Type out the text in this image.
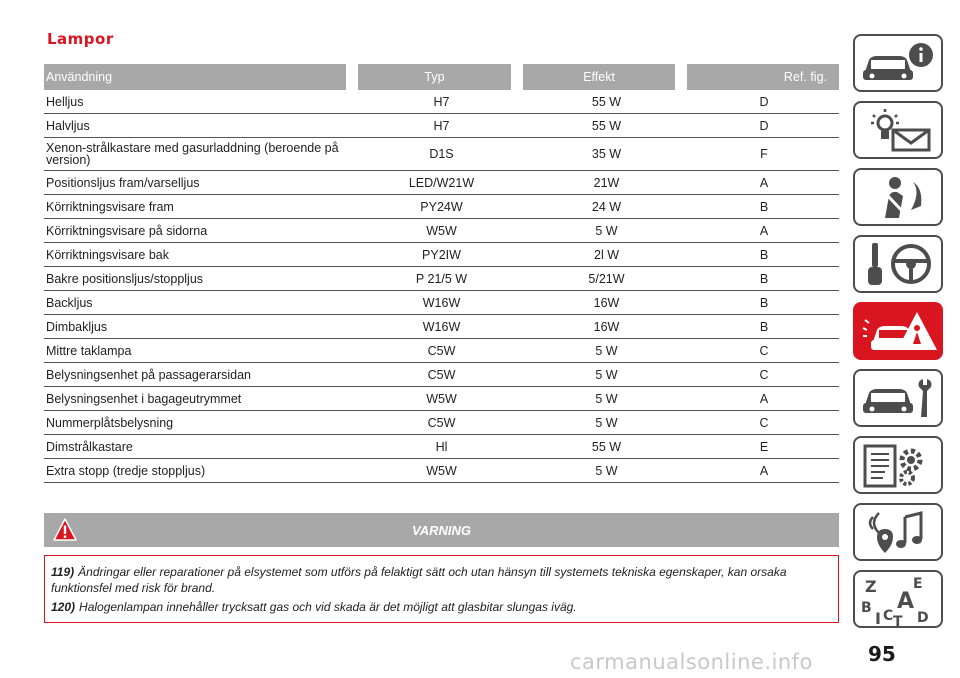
Lampor
Användning	Typ	Effekt	Ref. fig.
Helljus	H7	55 W	D
Halvljus	H7	55 W	D
Xenon-strålkastare med gasurladdning (beroende på version)	D1S	35 W	F
Positionsljus fram/varselljus	LED/W21W	21W	A
Körriktningsvisare fram	PY24W	24 W	B
Körriktningsvisare på sidorna	W5W	5 W	A
Körriktningsvisare bak	PY2IW	2l W	B
Bakre positionsljus/stoppljus	P 21/5 W	5/21W	B
Backljus	W16W	16W	B
Dimbakljus	W16W	16W	B
Mittre taklampa	C5W	5 W	C
Belysningsenhet på passagerarsidan	C5W	5 W	C
Belysningsenhet i bagageutrymmet	W5W	5 W	A
Nummerplåtsbelysning	C5W	5 W	C
Dimstrålkastare	Hl	55 W	E
Extra stopp (tredje stoppljus)	W5W	5 W	A
VARNING

119) Ändringar eller reparationer på elsystemet som utförs på felaktigt sätt och utan hänsyn till systemets tekniska egenskaper, kan orsaka funktionsfel med risk för brand.

120) Halogenlampan innehåller trycksatt gas och vid skada är det möjligt att glasbitar slungas iväg.

Z	E
B A
I C T D
95
carmanualsonline.info
